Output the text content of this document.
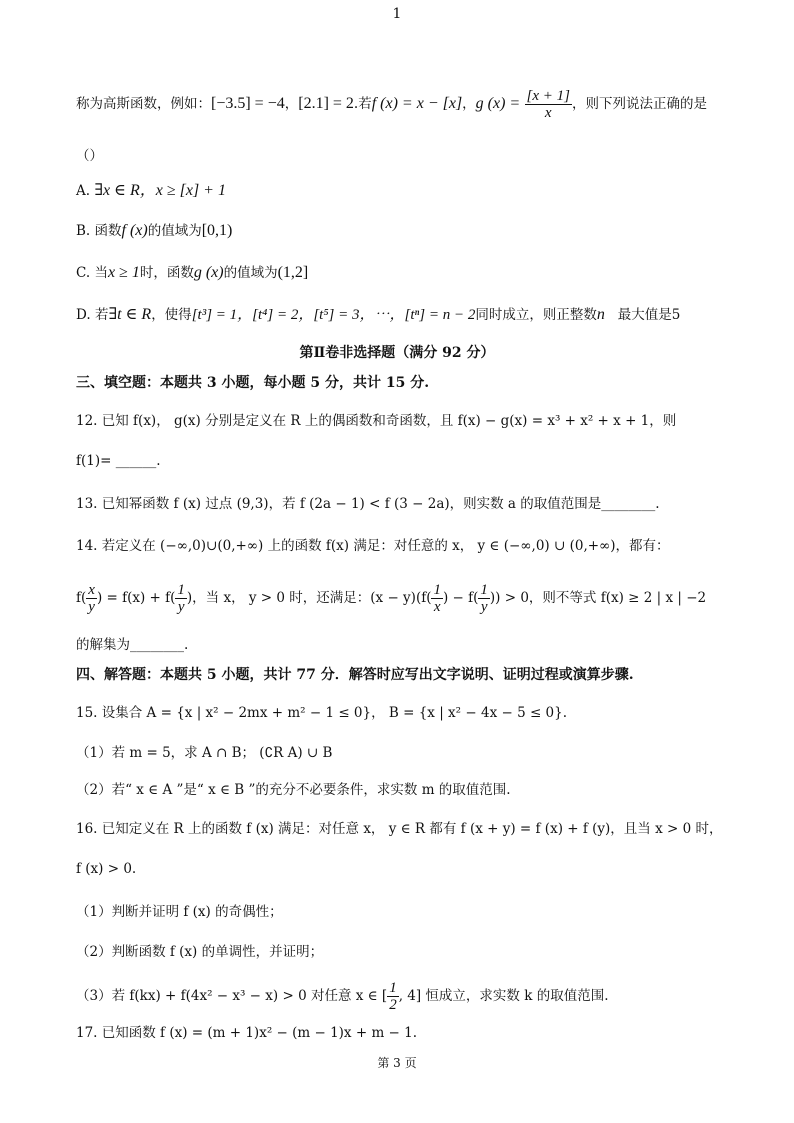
1
称为高斯函数，例如：[−3.5] = −4，[2.1] = 2.若f (x) = x − [x]，g $(x) = \frac{[x + 1]}{x}$ ，则下列说法正确的是
（）
A. ∃x ∈ R，x ≥ [x] + 1
B. 函数f (x)的值域为[0,1)
C. 当x ≥ 1时，函数g (x)的值域为(1,2]
D. 若∃t ∈ R，使得[t³] = 1，[t⁴] = 2，[t⁵] = 3，⋯，[tⁿ] = n − 2同时成立，则正整数n 最大值是5
第Ⅱ卷非选择题（满分 92 分）
三、填空题：本题共 3 小题，每小题 5 分，共计 15 分.
12. 已知 f(x)， g(x) 分别是定义在 R 上的偶函数和奇函数，且 f(x) − g(x) = x³ + x² + x + 1，则
f(1)= ______.
13. 已知幂函数 f (x) 过点 (9,3)，若 f (2a − 1) < f (3 − 2a)，则实数 a 的取值范围是________.
14. 若定义在 (−∞,0)∪(0,+∞) 上的函数 f(x) 满足：对任意的 x， y ∈ (−∞,0) ∪ (0,+∞)，都有：
$f( \frac{x}{y}$ ) = $f(x) + f( \frac{1}{y}$ )，当 x， y > 0 时，还满足：$(x - y)(f( \frac{1}{x}$ ) − $f( \frac{1}{y}$ )) > 0，则不等式 f(x) ≥ 2 | x | −2
的解集为________.
四、解答题：本题共 5 小题，共计 77 分．解答时应写出文字说明、证明过程或演算步骤.
15. 设集合 A = {x | x² − 2mx + m² − 1 ≤ 0}， B = {x | x² − 4x − 5 ≤ 0}.
（1）若 m = 5，求 A ∩ B； (∁R A) ∪ B
（2）若“ x ∈ A ”是“ x ∈ B ”的充分不必要条件，求实数 m 的取值范围.
16. 已知定义在 R 上的函数 f (x) 满足：对任意 x， y ∈ R 都有 f (x + y) = f (x) + f (y)，且当 x > 0 时，
f (x) > 0.
（1）判断并证明 f (x) 的奇偶性；
（2）判断函数 f (x) 的单调性，并证明；
（3）若 f(kx) + f(4x² − x³ − x) > 0 对任意 x ∈ [ $\frac{1}{2}$ , 4] 恒成立，求实数 k 的取值范围.
17. 已知函数 f (x) = (m + 1)x² − (m − 1)x + m − 1.
第 3 页
